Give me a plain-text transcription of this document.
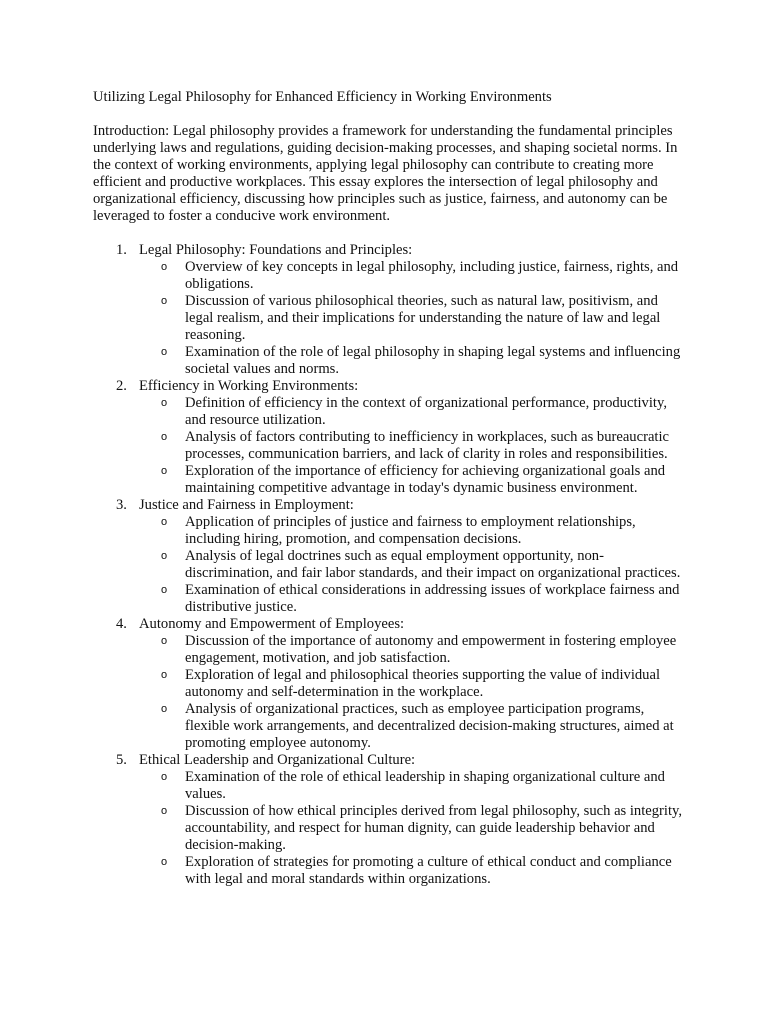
Utilizing Legal Philosophy for Enhanced Efficiency in Working Environments

Introduction: Legal philosophy provides a framework for understanding the fundamental principles underlying laws and regulations, guiding decision-making processes, and shaping societal norms. In the context of working environments, applying legal philosophy can contribute to creating more efficient and productive workplaces. This essay explores the intersection of legal philosophy and organizational efficiency, discussing how principles such as justice, fairness, and autonomy can be leveraged to foster a conducive work environment.

1. Legal Philosophy: Foundations and Principles:
o Overview of key concepts in legal philosophy, including justice, fairness, rights, and obligations.
o Discussion of various philosophical theories, such as natural law, positivism, and legal realism, and their implications for understanding the nature of law and legal reasoning.
o Examination of the role of legal philosophy in shaping legal systems and influencing societal values and norms.
2. Efficiency in Working Environments:
o Definition of efficiency in the context of organizational performance, productivity, and resource utilization.
o Analysis of factors contributing to inefficiency in workplaces, such as bureaucratic processes, communication barriers, and lack of clarity in roles and responsibilities.
o Exploration of the importance of efficiency for achieving organizational goals and maintaining competitive advantage in today's dynamic business environment.
3. Justice and Fairness in Employment:
o Application of principles of justice and fairness to employment relationships, including hiring, promotion, and compensation decisions.
o Analysis of legal doctrines such as equal employment opportunity, non-discrimination, and fair labor standards, and their impact on organizational practices.
o Examination of ethical considerations in addressing issues of workplace fairness and distributive justice.
4. Autonomy and Empowerment of Employees:
o Discussion of the importance of autonomy and empowerment in fostering employee engagement, motivation, and job satisfaction.
o Exploration of legal and philosophical theories supporting the value of individual autonomy and self-determination in the workplace.
o Analysis of organizational practices, such as employee participation programs, flexible work arrangements, and decentralized decision-making structures, aimed at promoting employee autonomy.
5. Ethical Leadership and Organizational Culture:
o Examination of the role of ethical leadership in shaping organizational culture and values.
o Discussion of how ethical principles derived from legal philosophy, such as integrity, accountability, and respect for human dignity, can guide leadership behavior and decision-making.
o Exploration of strategies for promoting a culture of ethical conduct and compliance with legal and moral standards within organizations.
